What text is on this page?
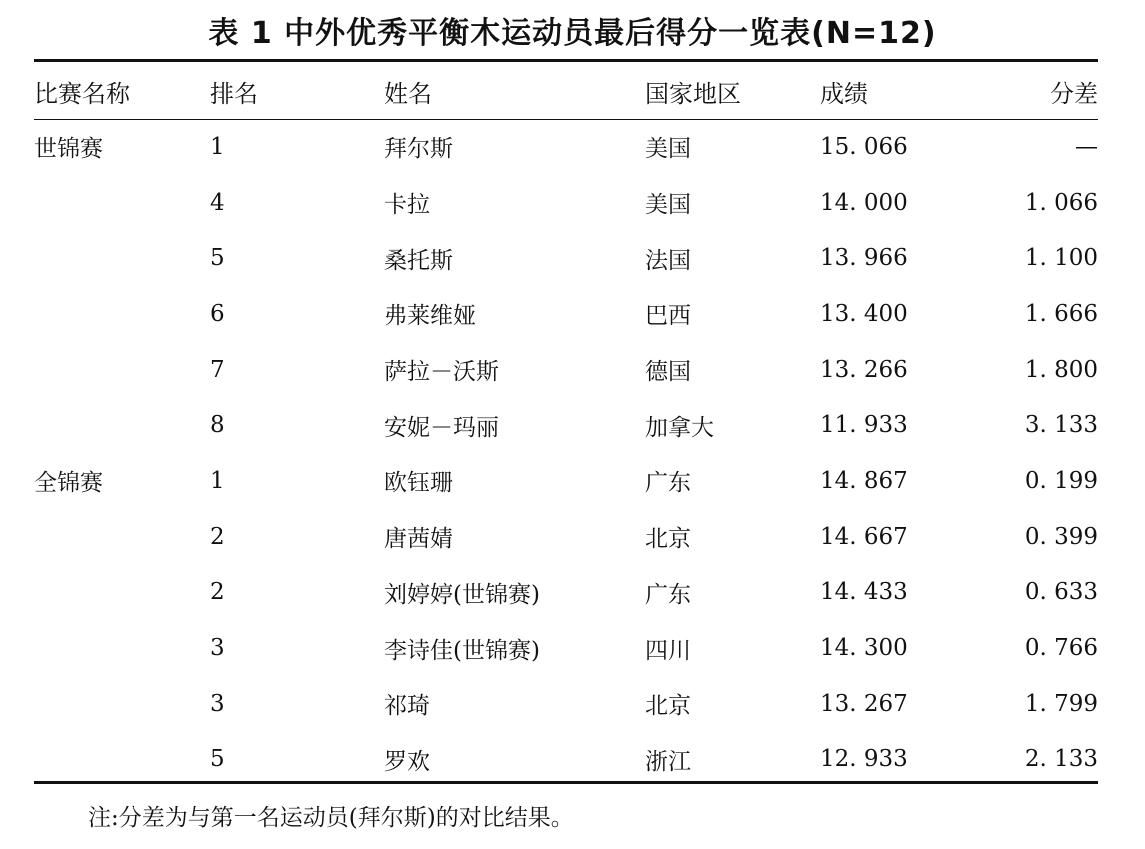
表 1 中外优秀平衡木运动员最后得分一览表(N=12)
比赛名称	排名	姓名	国家地区	成绩	分差
世锦赛	1	拜尔斯	美国	15. 066	—
	4	卡拉	美国	14. 000	1. 066
	5	桑托斯	法国	13. 966	1. 100
	6	弗莱维娅	巴西	13. 400	1. 666
	7	萨拉－沃斯	德国	13. 266	1. 800
	8	安妮－玛丽	加拿大	11. 933	3. 133
全锦赛	1	欧钰珊	广东	14. 867	0. 199
	2	唐茜婧	北京	14. 667	0. 399
	2	刘婷婷(世锦赛)	广东	14. 433	0. 633
	3	李诗佳(世锦赛)	四川	14. 300	0. 766
	3	祁琦	北京	13. 267	1. 799
	5	罗欢	浙江	12. 933	2. 133
注:分差为与第一名运动员(拜尔斯)的对比结果。
